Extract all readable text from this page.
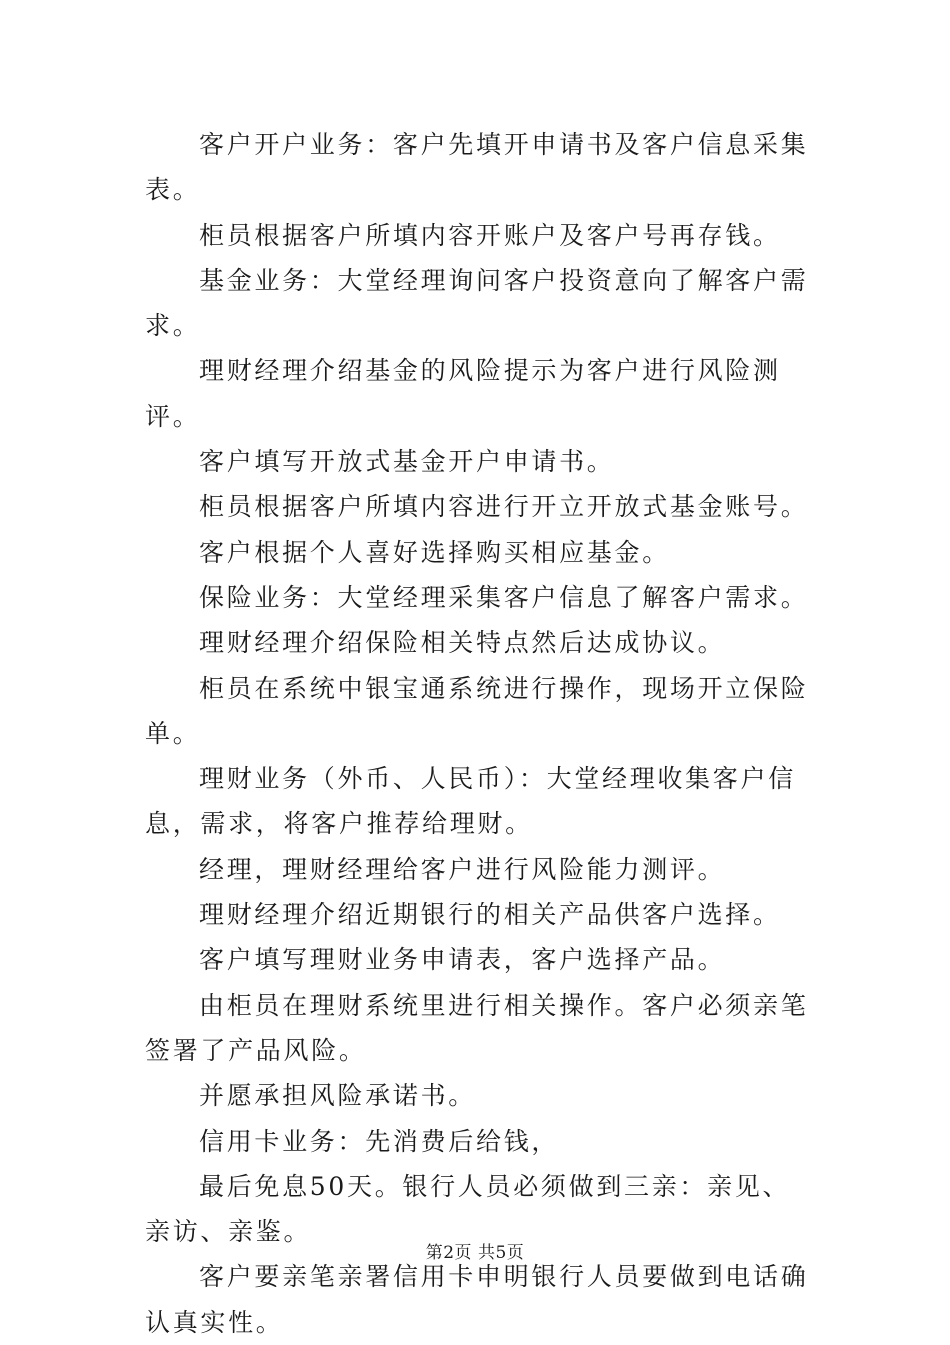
客户开户业务：客户先填开申请书及客户信息采集表。

柜员根据客户所填内容开账户及客户号再存钱。

基金业务：大堂经理询问客户投资意向了解客户需求。

理财经理介绍基金的风险提示为客户进行风险测评。

客户填写开放式基金开户申请书。

柜员根据客户所填内容进行开立开放式基金账号。

客户根据个人喜好选择购买相应基金。

保险业务：大堂经理采集客户信息了解客户需求。

理财经理介绍保险相关特点然后达成协议。

柜员在系统中银宝通系统进行操作，现场开立保险单。

理财业务（外币、人民币）：大堂经理收集客户信息，需求，将客户推荐给理财。

经理，理财经理给客户进行风险能力测评。

理财经理介绍近期银行的相关产品供客户选择。

客户填写理财业务申请表，客户选择产品。

由柜员在理财系统里进行相关操作。客户必须亲笔签署了产品风险。

并愿承担风险承诺书。

信用卡业务：先消费后给钱，

最后免息50天。银行人员必须做到三亲：亲见、亲访、亲鉴。

客户要亲笔亲署信用卡申明银行人员要做到电话确认真实性。

第2页 共5页
